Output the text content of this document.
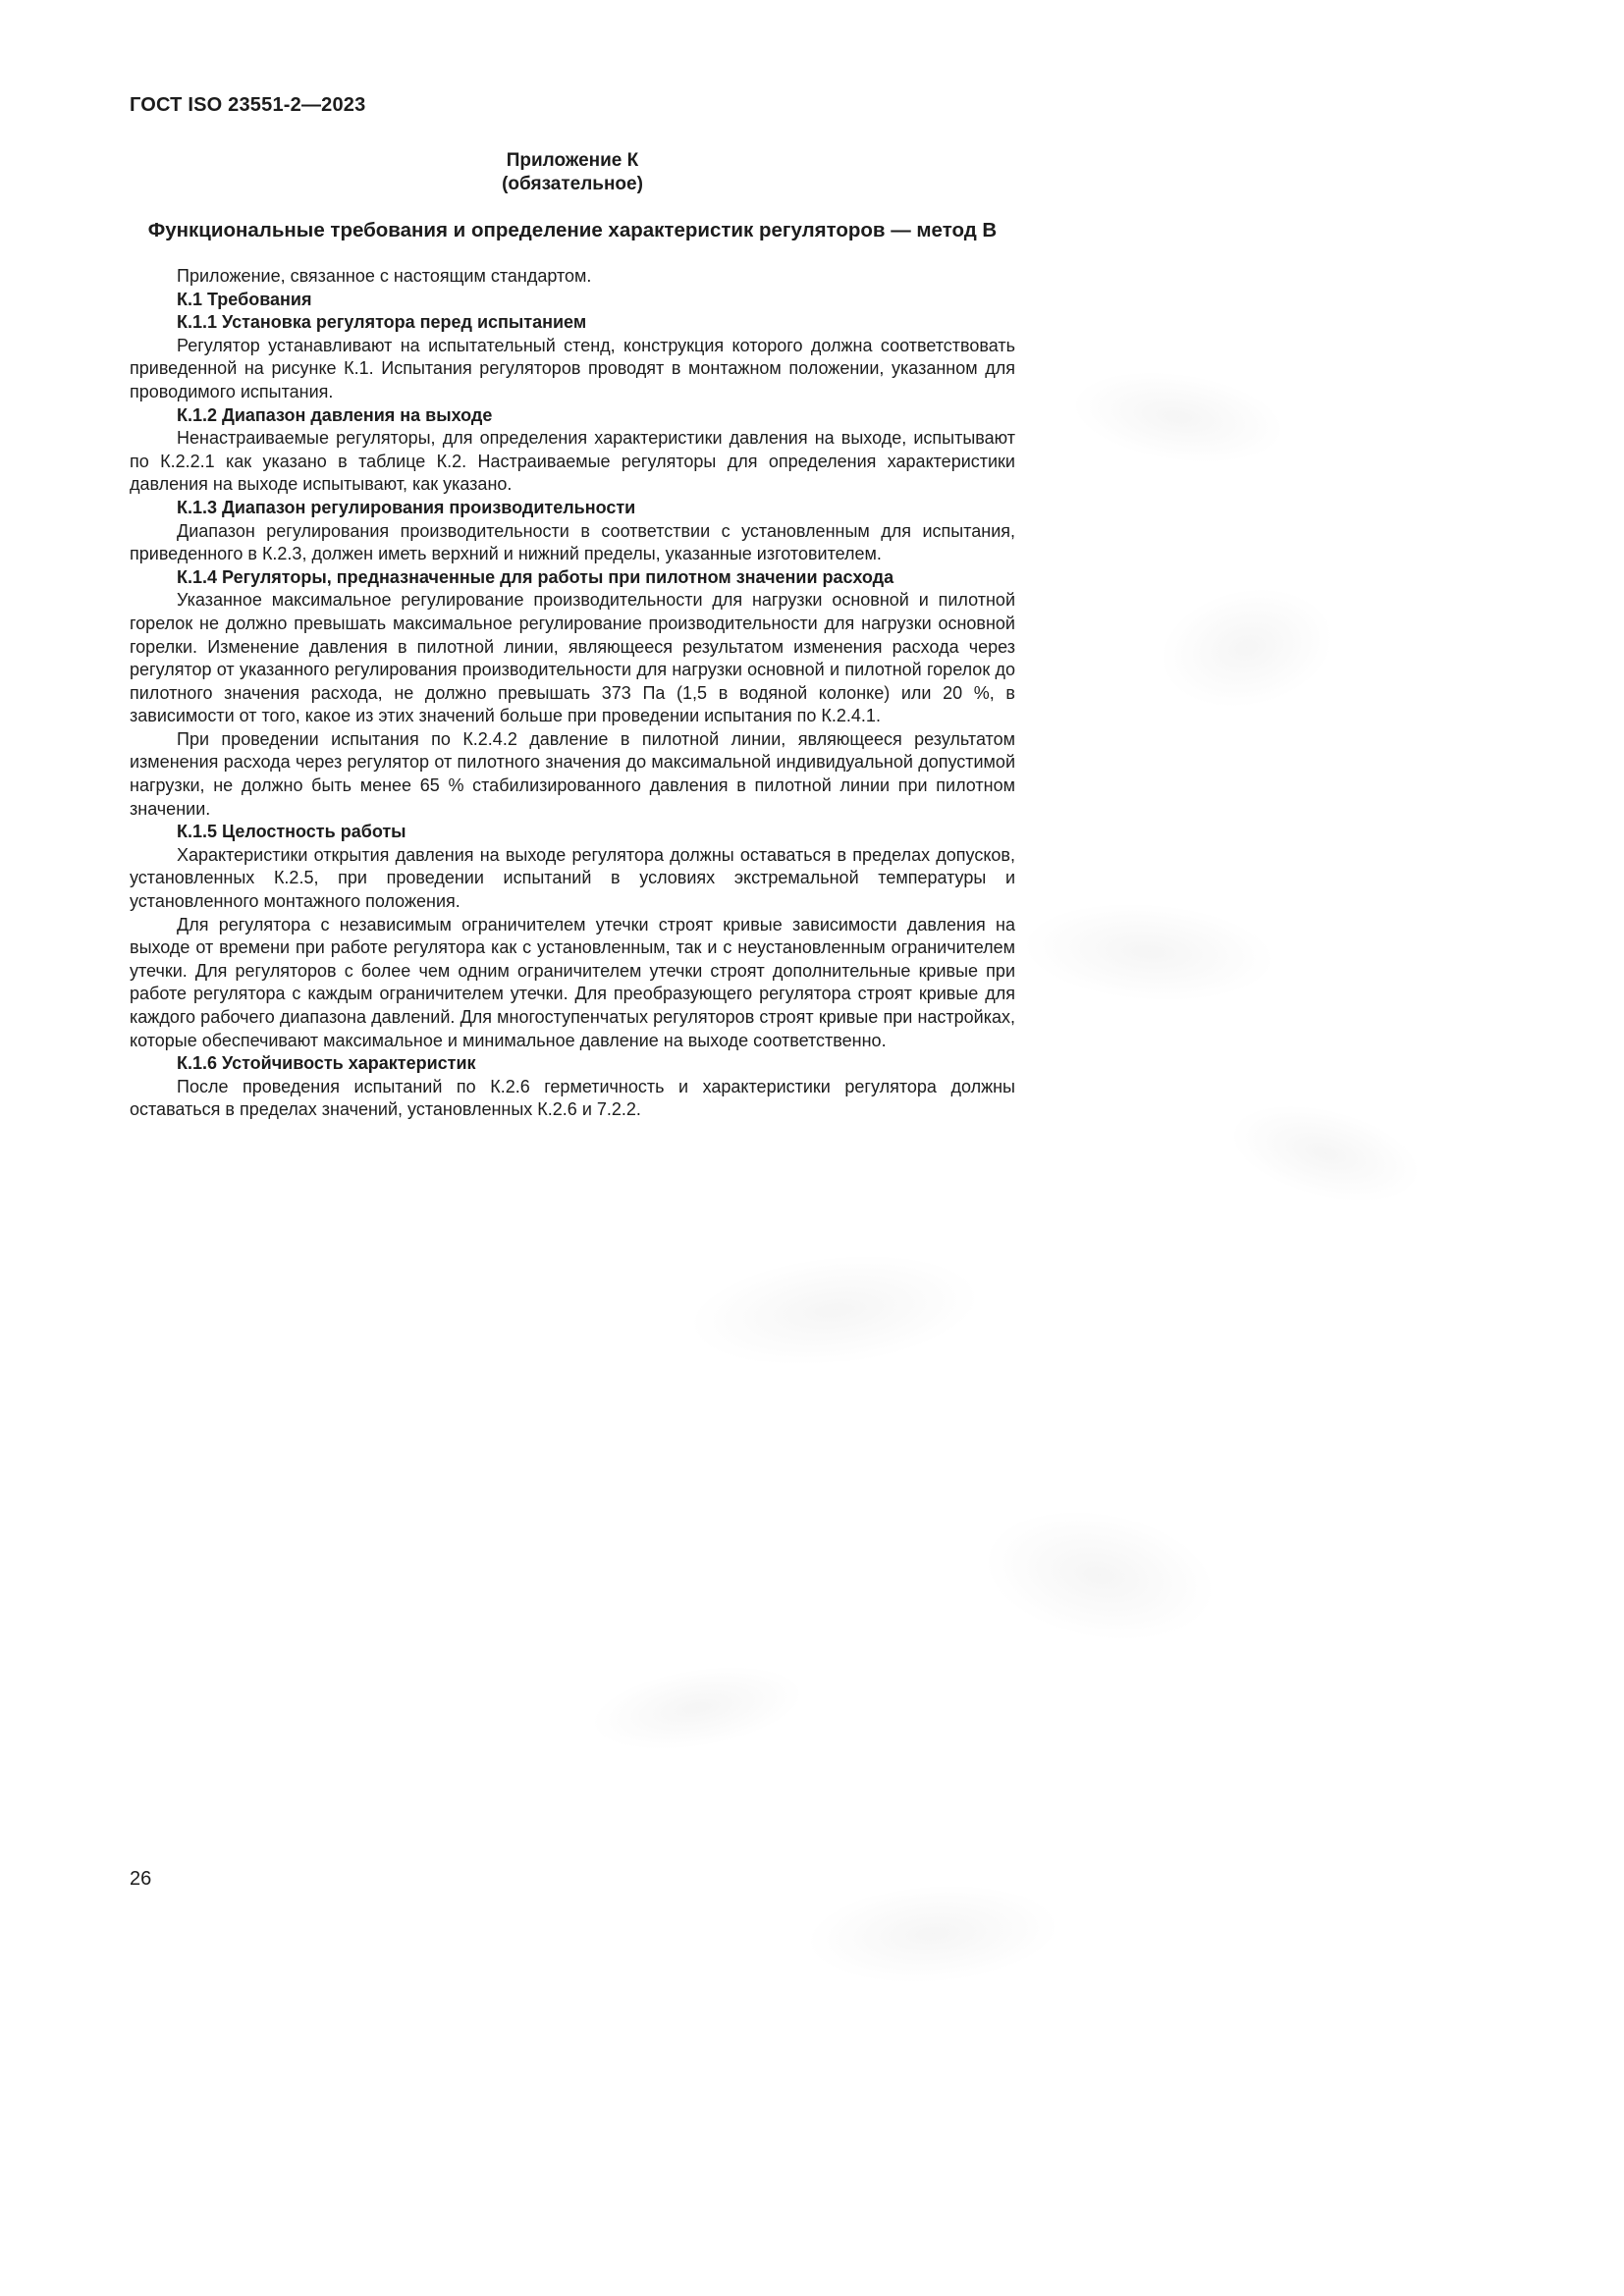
ГОСТ ISO 23551-2—2023

Приложение К

(обязательное)

Функциональные требования и определение характеристик регуляторов — метод В

Приложение, связанное с настоящим стандартом.

К.1 Требования

К.1.1 Установка регулятора перед испытанием

Регулятор устанавливают на испытательный стенд, конструкция которого должна соответствовать приведенной на рисунке К.1. Испытания регуляторов проводят в монтажном положении, указанном для проводимого испытания.

К.1.2 Диапазон давления на выходе

Ненастраиваемые регуляторы, для определения характеристики давления на выходе, испытывают по К.2.2.1 как указано в таблице К.2. Настраиваемые регуляторы для определения характеристики давления на выходе испытывают, как указано.

К.1.3 Диапазон регулирования производительности

Диапазон регулирования производительности в соответствии с установленным для испытания, приведенного в К.2.3, должен иметь верхний и нижний пределы, указанные изготовителем.

К.1.4 Регуляторы, предназначенные для работы при пилотном значении расхода

Указанное максимальное регулирование производительности для нагрузки основной и пилотной горелок не должно превышать максимальное регулирование производительности для нагрузки основной горелки. Изменение давления в пилотной линии, являющееся результатом изменения расхода через регулятор от указанного регулирования производительности для нагрузки основной и пилотной горелок до пилотного значения расхода, не должно превышать 373 Па (1,5 в водяной колонке) или 20 %, в зависимости от того, какое из этих значений больше при проведении испытания по К.2.4.1.

При проведении испытания по К.2.4.2 давление в пилотной линии, являющееся результатом изменения расхода через регулятор от пилотного значения до максимальной индивидуальной допустимой нагрузки, не должно быть менее 65 % стабилизированного давления в пилотной линии при пилотном значении.

К.1.5 Целостность работы

Характеристики открытия давления на выходе регулятора должны оставаться в пределах допусков, установленных К.2.5, при проведении испытаний в условиях экстремальной температуры и установленного монтажного положения.

Для регулятора с независимым ограничителем утечки строят кривые зависимости давления на выходе от времени при работе регулятора как с установленным, так и с неустановленным ограничителем утечки. Для регуляторов с более чем одним ограничителем утечки строят дополнительные кривые при работе регулятора с каждым ограничителем утечки. Для преобразующего регулятора строят кривые для каждого рабочего диапазона давлений. Для многоступенчатых регуляторов строят кривые при настройках, которые обеспечивают максимальное и минимальное давление на выходе соответственно.

К.1.6 Устойчивость характеристик

После проведения испытаний по К.2.6 герметичность и характеристики регулятора должны оставаться в пределах значений, установленных К.2.6 и 7.2.2.

26
